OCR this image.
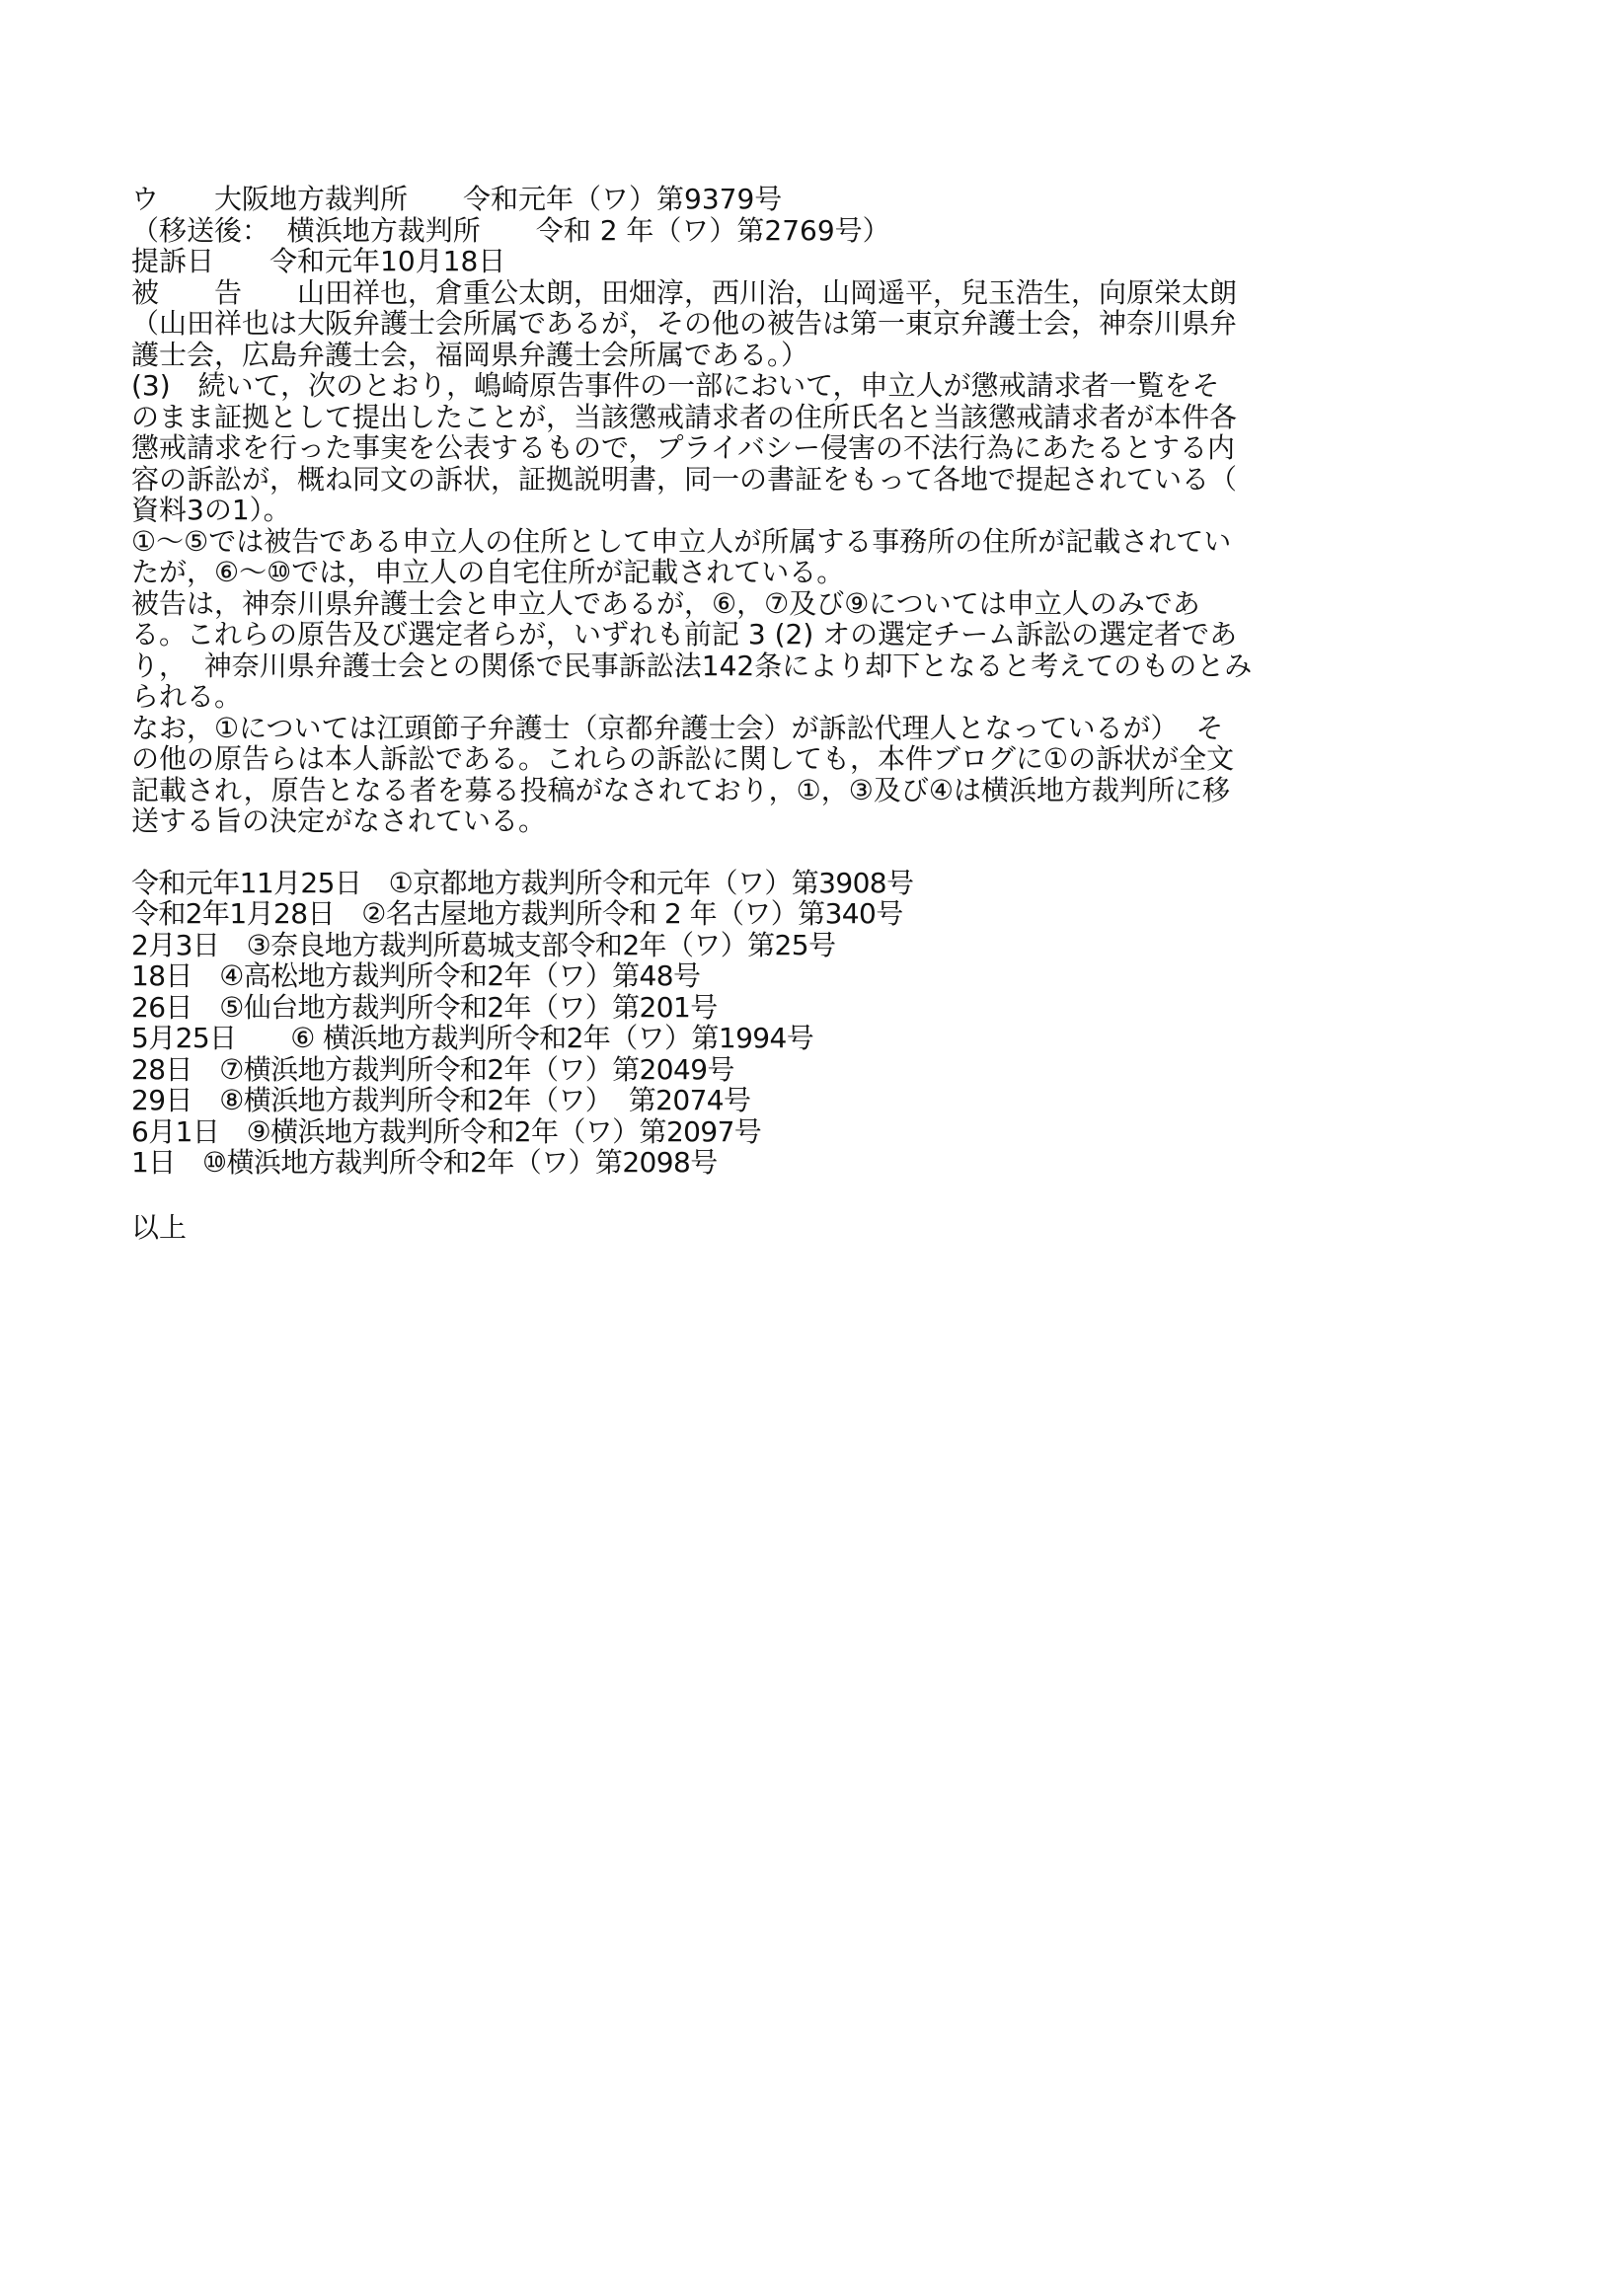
ウ　　大阪地方裁判所　　令和元年（ワ）第9379号
（移送後：  横浜地方裁判所　　令和 2 年（ワ）第2769号）
提訴日　　令和元年10月18日
被　　告　　山田祥也，倉重公太朗，田畑淳，西川治，山岡遥平，兒玉浩生，向原栄太朗
（山田祥也は大阪弁護士会所属であるが，その他の被告は第一東京弁護士会，神奈川県弁
護士会，広島弁護士会，福岡県弁護士会所属である。）
(3)　続いて，次のとおり，嶋崎原告事件の一部において，申立人が懲戒請求者一覧をそ
のまま証拠として提出したことが，当該懲戒請求者の住所氏名と当該懲戒請求者が本件各
懲戒請求を行った事実を公表するもので，プライバシー侵害の不法行為にあたるとする内
容の訴訟が，概ね同文の訴状，証拠説明書，同一の書証をもって各地で提起されている（
資料3の1）。
①～⑤では被告である申立人の住所として申立人が所属する事務所の住所が記載されてい
たが，⑥～⑩では，申立人の自宅住所が記載されている。
被告は，神奈川県弁護士会と申立人であるが，⑥，⑦及び⑨については申立人のみであ
る。これらの原告及び選定者らが，いずれも前記 3 (2) オの選定チーム訴訟の選定者であ
り，  神奈川県弁護士会との関係で民事訴訟法142条により却下となると考えてのものとみ
られる。
なお，①については江頭節子弁護士（京都弁護士会）が訴訟代理人となっているが）  そ
の他の原告らは本人訴訟である。これらの訴訟に関しても，本件ブログに①の訴状が全文
記載され，原告となる者を募る投稿がなされており，①，③及び④は横浜地方裁判所に移
送する旨の決定がなされている。
令和元年11月25日　①京都地方裁判所令和元年（ワ）第3908号
令和2年1月28日　②名古屋地方裁判所令和 2 年（ワ）第340号
2月3日　③奈良地方裁判所葛城支部令和2年（ワ）第25号
18日　④高松地方裁判所令和2年（ワ）第48号
26日　⑤仙台地方裁判所令和2年（ワ）第201号
5月25日　　⑥ 横浜地方裁判所令和2年（ワ）第1994号
28日　⑦横浜地方裁判所令和2年（ワ）第2049号
29日　⑧横浜地方裁判所令和2年（ワ）  第2074号
6月1日　⑨横浜地方裁判所令和2年（ワ）第2097号
1日　⑩横浜地方裁判所令和2年（ワ）第2098号
以上
